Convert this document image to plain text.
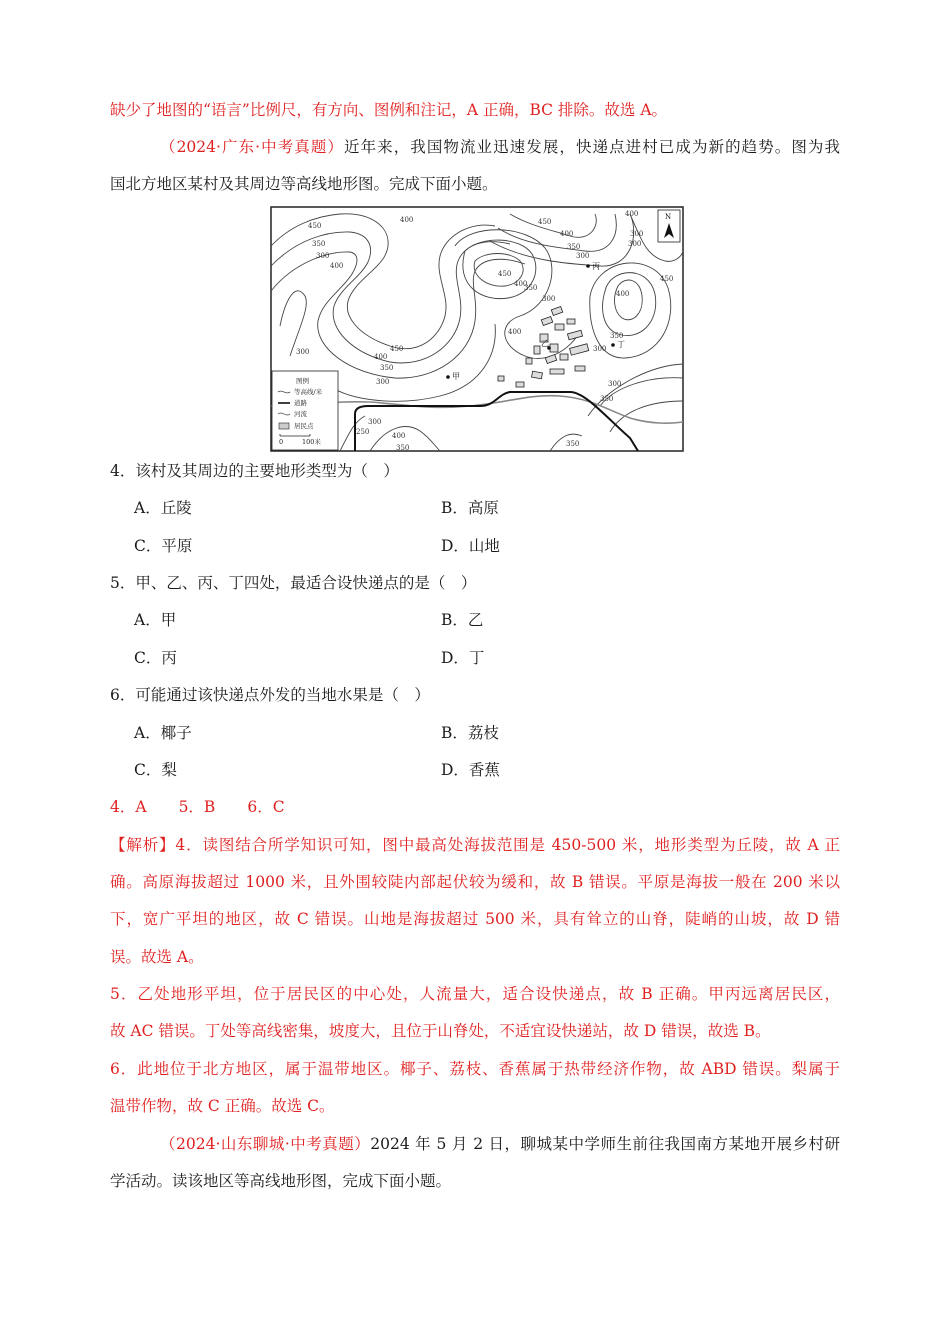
缺少了地图的“语言”比例尺，有方向、图例和注记，A 正确，BC 排除。故选 A。
（2024·广东·中考真题）近年来，我国物流业迅速发展，快递点进村已成为新的趋势。图为我
国北方地区某村及其周边等高线地形图。完成下面小题。
450
400
350
300
400
300	450
400
350
300
450
400
300
400
350
300
450
400
350
300
300
350
250	400
350
300
300
350
400
300
400
350
450
甲
乙
丙
丁
N
图例
等高线/米
道路
河流
居民点
0	100米
4．该村及其周边的主要地形类型为（　）
A．丘陵	B．高原
C．平原	D．山地
5．甲、乙、丙、丁四处，最适合设快递点的是（　）
A．甲	B．乙
C．丙	D．丁
6．可能通过该快递点外发的当地水果是（　）
A．椰子	B．荔枝
C．梨	D．香蕉
4．A 5．B 6．C
【解析】4．读图结合所学知识可知，图中最高处海拔范围是 450-500 米，地形类型为丘陵，故 A 正
确。高原海拔超过 1000 米，且外围较陡内部起伏较为缓和，故 B 错误。平原是海拔一般在 200 米以
下，宽广平坦的地区，故 C 错误。山地是海拔超过 500 米，具有耸立的山脊，陡峭的山坡，故 D 错
误。故选 A。
5．乙处地形平坦，位于居民区的中心处，人流量大，适合设快递点，故 B 正确。甲丙远离居民区，
故 AC 错误。丁处等高线密集，坡度大，且位于山脊处，不适宜设快递站，故 D 错误，故选 B。
6．此地位于北方地区，属于温带地区。椰子、荔枝、香蕉属于热带经济作物，故 ABD 错误。梨属于
温带作物，故 C 正确。故选 C。
（2024·山东聊城·中考真题）2024 年 5 月 2 日，聊城某中学师生前往我国南方某地开展乡村研
学活动。读该地区等高线地形图，完成下面小题。
